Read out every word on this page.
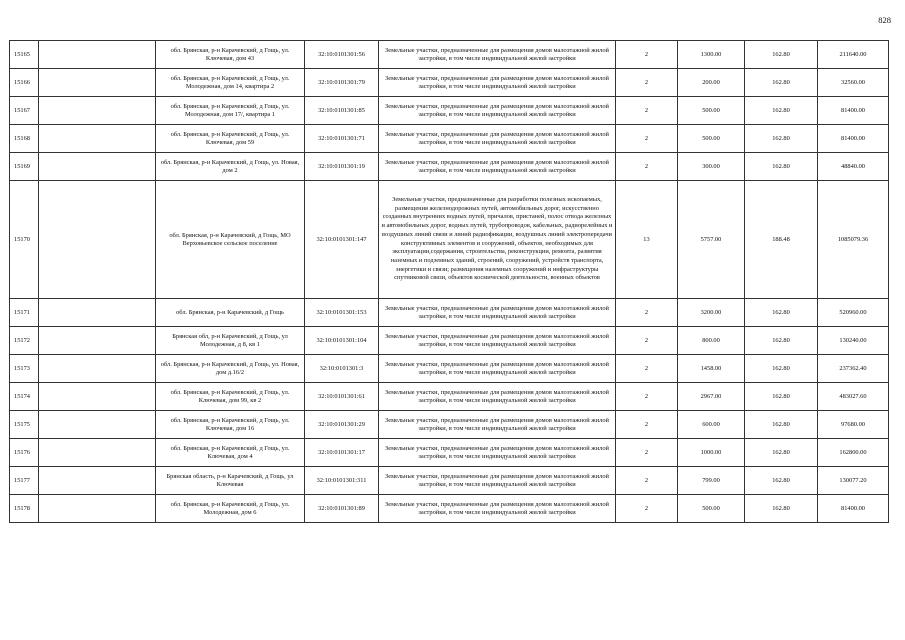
828
15165		обл. Брянская, р-н Карачевский, д Гощь, ул. Ключевая, дом 43	32:10:0101301:56	Земельные участки, предназначенные для размещения домов малоэтажной жилой застройки, в том числе индивидуальной жилой застройки	2	1300.00	162.80	211640.00
15166		обл. Брянская, р-н Карачевский, д Гощь, ул. Молодежная, дом 14, квартира 2	32:10:0101301:79	Земельные участки, предназначенные для размещения домов малоэтажной жилой застройки, в том числе индивидуальной жилой застройки	2	200.00	162.80	32560.00
15167		обл. Брянская, р-н Карачевский, д Гощь, ул. Молодежная, дом 17/, квартира 1	32:10:0101301:85	Земельные участки, предназначенные для размещения домов малоэтажной жилой застройки, в том числе индивидуальной жилой застройки	2	500.00	162.80	81400.00
15168		обл. Брянская, р-н Карачевский, д Гощь, ул. Ключевая, дом 59	32:10:0101301:71	Земельные участки, предназначенные для размещения домов малоэтажной жилой застройки, в том числе индивидуальной жилой застройки	2	500.00	162.80	81400.00
15169		обл. Брянская, р-н Карачевский, д Гощь, ул. Новая, дом 2	32:10:0101301:19	Земельные участки, предназначенные для размещения домов малоэтажной жилой застройки, в том числе индивидуальной жилой застройки	2	300.00	162.80	48840.00
15170		обл. Брянская, р-н Карачевский, д Гощь, МО Верховьевское сельское поселение	32:10:0101301:147	Земельные участки, предназначенные для разработки полезных ископаемых, размещения железнодорожных путей, автомобильных дорог, искусственно созданных внутренних водных путей, причалов, пристаней, полос отвода железных и автомобильных дорог, водных путей, трубопроводов, кабельных, радиорелейных и воздушных линий связи и линий радиофикации, воздушных линий электропередачи конструктивных элементов и сооружений, объектов, необходимых для эксплуатации,содержания, строительства, реконструкции, ремонта, развития наземных и подземных зданий, строений, сооружений, устройств транспорта, энергетики и связи; размещения наземных сооружений и инфраструктуры спутниковой связи, объектов космической деятельности, военных объектов	13	5757.00	188.48	1085079.36
15171		обл. Брянская, р-н Карачевский, д Гощь	32:10:0101301:153	Земельные участки, предназначенные для размещения домов малоэтажной жилой застройки, в том числе индивидуальной жилой застройки	2	3200.00	162.80	520960.00
15172		Брянская обл, р-н Карачевский, д Гощь, ул Молодежная, д 8, кв 1	32:10:0101301:104	Земельные участки, предназначенные для размещения домов малоэтажной жилой застройки, в том числе индивидуальной жилой застройки	2	800.00	162.80	130240.00
15173		обл. Брянская, р-н Карачевский, д Гощь, ул. Новая, дом д.16/2	32:10:0101301:3	Земельные участки, предназначенные для размещения домов малоэтажной жилой застройки, в том числе индивидуальной жилой застройки	2	1458.00	162.80	237362.40
15174		обл. Брянская, р-н Карачевский, д Гощь, ул. Ключевая, дом 99, кв 2	32:10:0101301:61	Земельные участки, предназначенные для размещения домов малоэтажной жилой застройки, в том числе индивидуальной жилой застройки	2	2967.00	162.80	483027.60
15175		обл. Брянская, р-н Карачевский, д Гощь, ул. Ключевая, дом 16	32:10:0101301:29	Земельные участки, предназначенные для размещения домов малоэтажной жилой застройки, в том числе индивидуальной жилой застройки	2	600.00	162.80	97680.00
15176		обл. Брянская, р-н Карачевский, д Гощь, ул. Ключевая, дом 4	32:10:0101301:17	Земельные участки, предназначенные для размещения домов малоэтажной жилой застройки, в том числе индивидуальной жилой застройки	2	1000.00	162.80	162800.00
15177		Брянская область, р-н Карачевский, д Гощь, ул Ключевая	32:10:0101301:311	Земельные участки, предназначенные для размещения домов малоэтажной жилой застройки, в том числе индивидуальной жилой застройки	2	799.00	162.80	130077.20
15178		обл. Брянская, р-н Карачевский, д Гощь, ул. Молодежная, дом 6	32:10:0101301:89	Земельные участки, предназначенные для размещения домов малоэтажной жилой застройки, в том числе индивидуальной жилой застройки	2	500.00	162.80	81400.00
